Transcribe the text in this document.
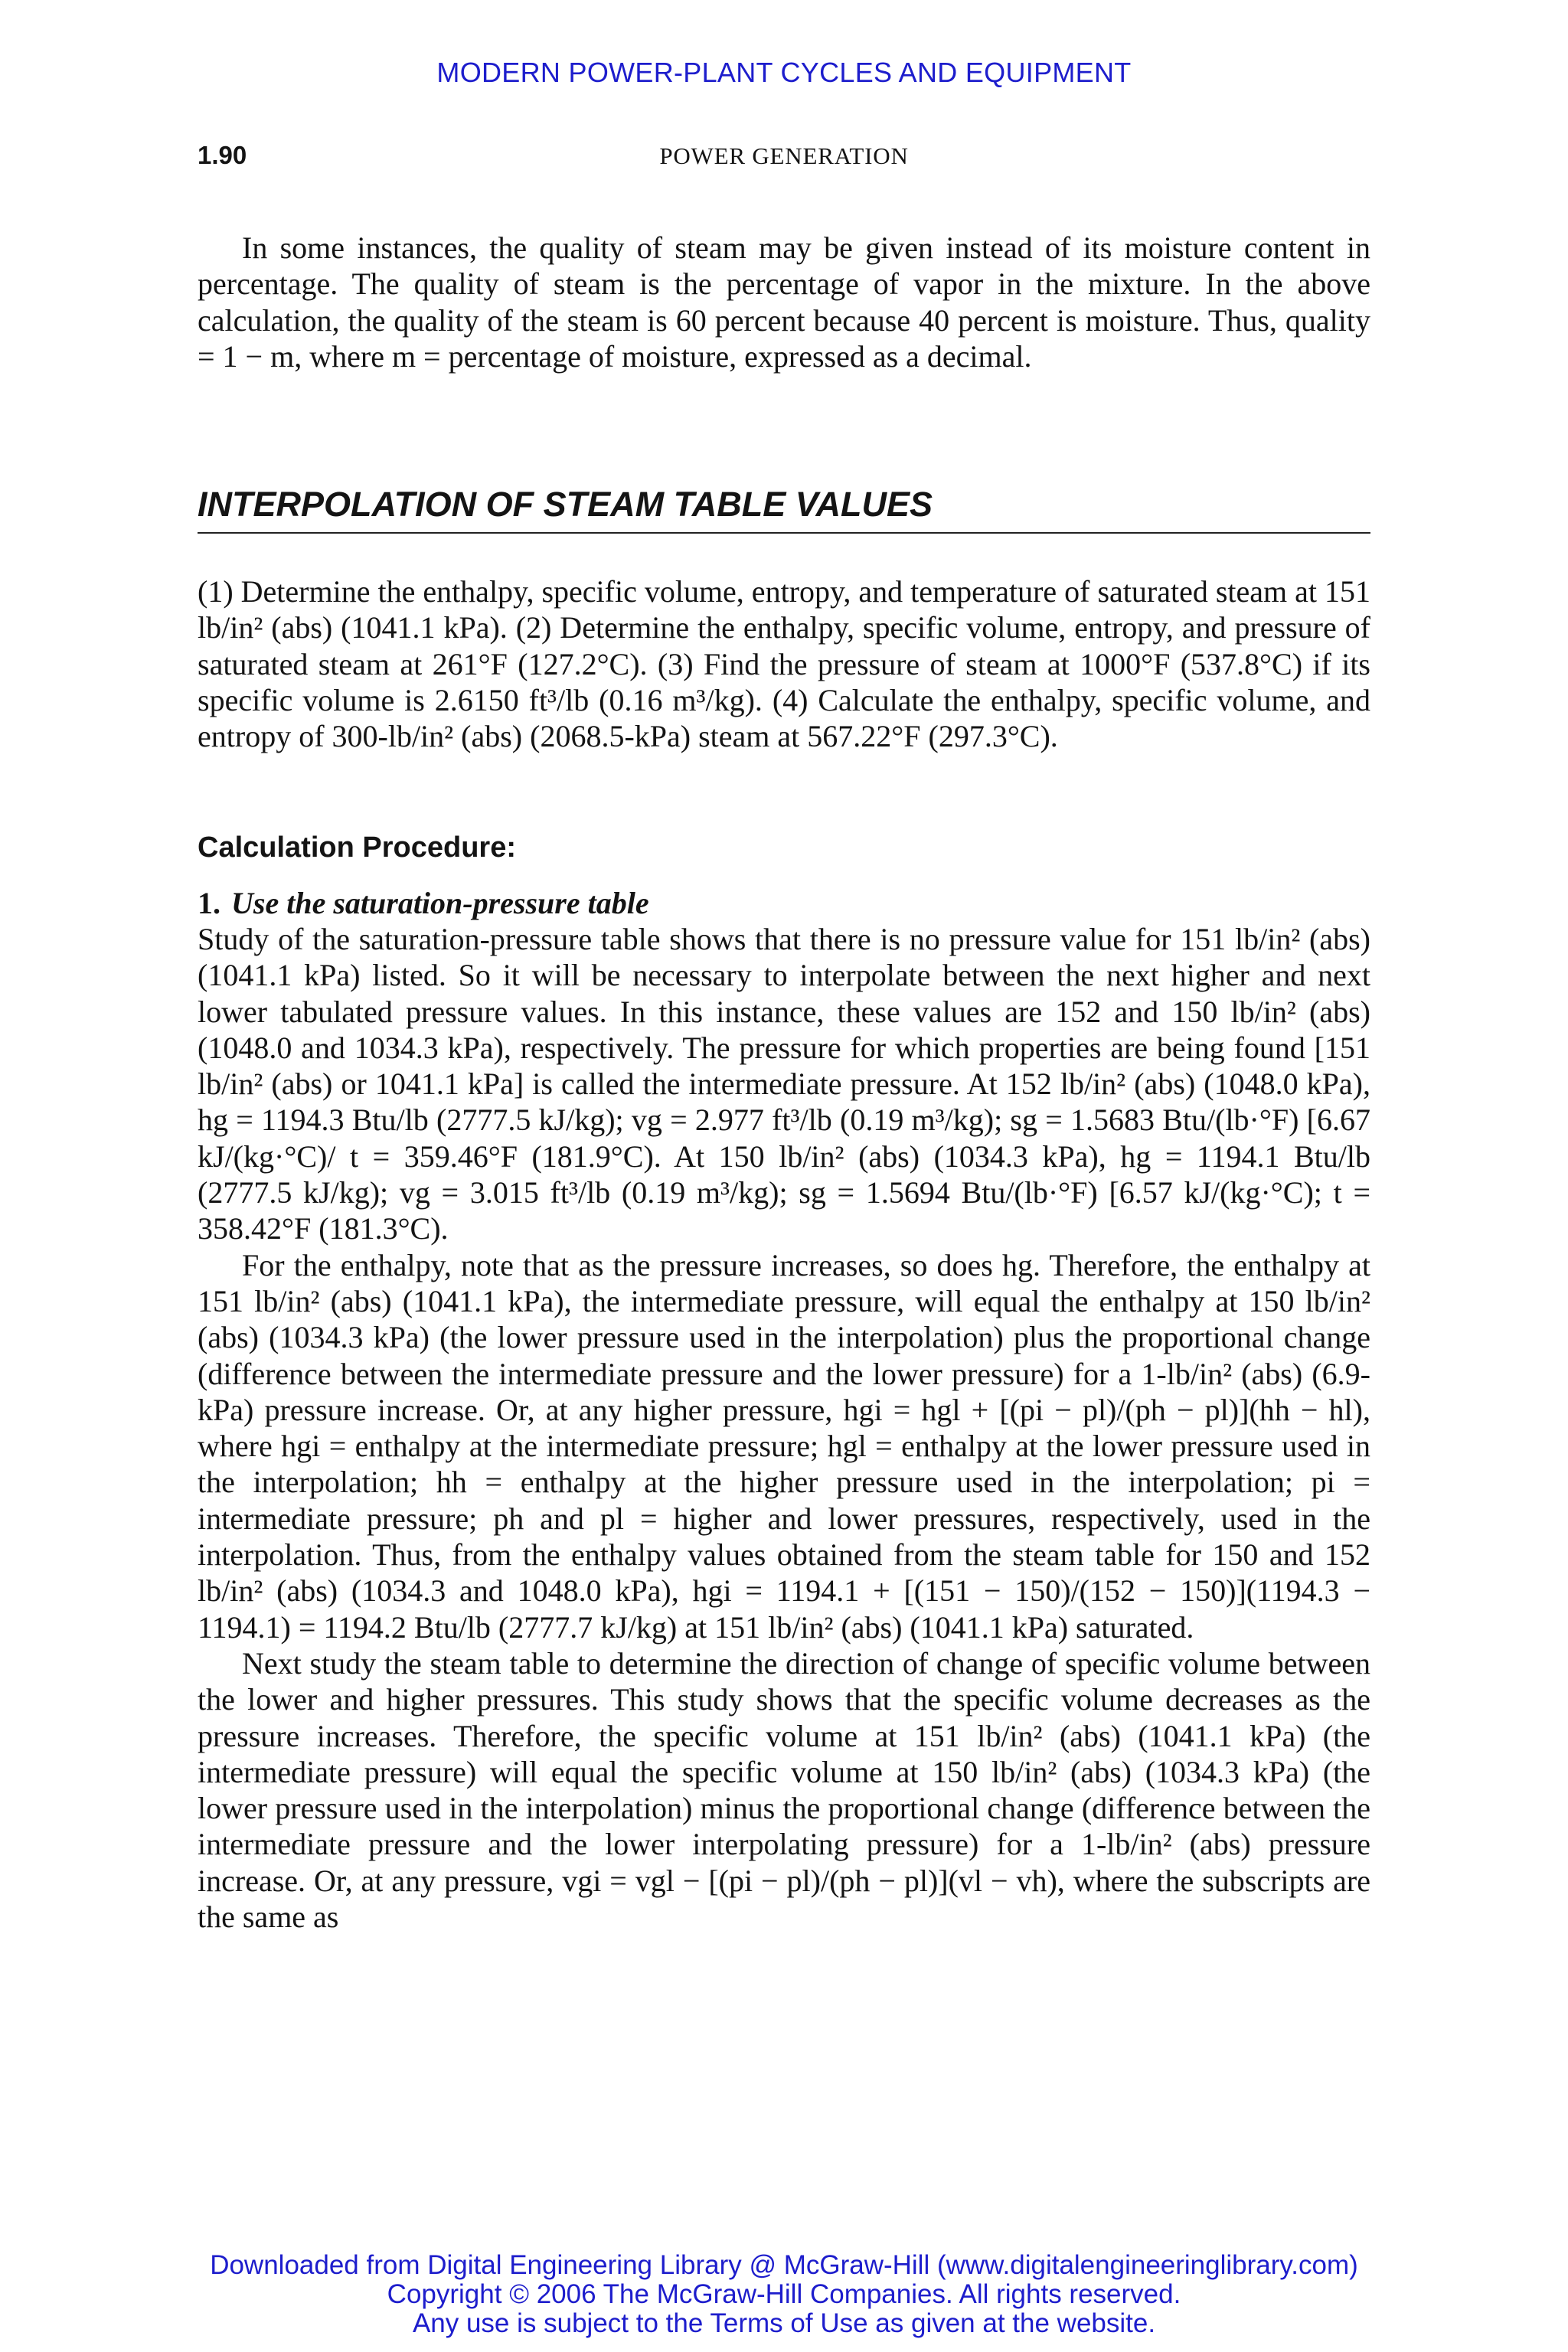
MODERN POWER-PLANT CYCLES AND EQUIPMENT
1.90	POWER GENERATION

In some instances, the quality of steam may be given instead of its moisture content in percentage. The quality of steam is the percentage of vapor in the mixture. In the above calculation, the quality of the steam is 60 percent because 40 percent is moisture. Thus, quality = 1 − m, where m = percentage of moisture, expressed as a decimal.

INTERPOLATION OF STEAM TABLE VALUES

(1) Determine the enthalpy, specific volume, entropy, and temperature of saturated steam at 151 lb/in² (abs) (1041.1 kPa). (2) Determine the enthalpy, specific volume, entropy, and pressure of saturated steam at 261°F (127.2°C). (3) Find the pressure of steam at 1000°F (537.8°C) if its specific volume is 2.6150 ft³/lb (0.16 m³/kg). (4) Calculate the enthalpy, specific volume, and entropy of 300-lb/in² (abs) (2068.5-kPa) steam at 567.22°F (297.3°C).

Calculation Procedure:
1. Use the saturation-pressure table

Study of the saturation-pressure table shows that there is no pressure value for 151 lb/in² (abs) (1041.1 kPa) listed. So it will be necessary to interpolate between the next higher and next lower tabulated pressure values. In this instance, these values are 152 and 150 lb/in² (abs) (1048.0 and 1034.3 kPa), respectively. The pressure for which properties are being found [151 lb/in² (abs) or 1041.1 kPa] is called the intermediate pressure. At 152 lb/in² (abs) (1048.0 kPa), hg = 1194.3 Btu/lb (2777.5 kJ/kg); vg = 2.977 ft³/lb (0.19 m³/kg); sg = 1.5683 Btu/(lb·°F) [6.67 kJ/(kg·°C)/ t = 359.46°F (181.9°C). At 150 lb/in² (abs) (1034.3 kPa), hg = 1194.1 Btu/lb (2777.5 kJ/kg); vg = 3.015 ft³/lb (0.19 m³/kg); sg = 1.5694 Btu/(lb·°F) [6.57 kJ/(kg·°C); t = 358.42°F (181.3°C).

For the enthalpy, note that as the pressure increases, so does hg. Therefore, the enthalpy at 151 lb/in² (abs) (1041.1 kPa), the intermediate pressure, will equal the enthalpy at 150 lb/in² (abs) (1034.3 kPa) (the lower pressure used in the interpolation) plus the proportional change (difference between the intermediate pressure and the lower pressure) for a 1-lb/in² (abs) (6.9-kPa) pressure increase. Or, at any higher pressure, hgi = hgl + [(pi − pl)/(ph − pl)](hh − hl), where hgi = enthalpy at the intermediate pressure; hgl = enthalpy at the lower pressure used in the interpolation; hh = enthalpy at the higher pressure used in the interpolation; pi = intermediate pressure; ph and pl = higher and lower pressures, respectively, used in the interpolation. Thus, from the enthalpy values obtained from the steam table for 150 and 152 lb/in² (abs) (1034.3 and 1048.0 kPa), hgi = 1194.1 + [(151 − 150)/(152 − 150)](1194.3 − 1194.1) = 1194.2 Btu/lb (2777.7 kJ/kg) at 151 lb/in² (abs) (1041.1 kPa) saturated.

Next study the steam table to determine the direction of change of specific volume between the lower and higher pressures. This study shows that the specific volume decreases as the pressure increases. Therefore, the specific volume at 151 lb/in² (abs) (1041.1 kPa) (the intermediate pressure) will equal the specific volume at 150 lb/in² (abs) (1034.3 kPa) (the lower pressure used in the interpolation) minus the proportional change (difference between the intermediate pressure and the lower interpolating pressure) for a 1-lb/in² (abs) pressure increase. Or, at any pressure, vgi = vgl − [(pi − pl)/(ph − pl)](vl − vh), where the subscripts are the same as

Downloaded from Digital Engineering Library @ McGraw-Hill (www.digitalengineeringlibrary.com)
Copyright © 2006 The McGraw-Hill Companies. All rights reserved.
Any use is subject to the Terms of Use as given at the website.
